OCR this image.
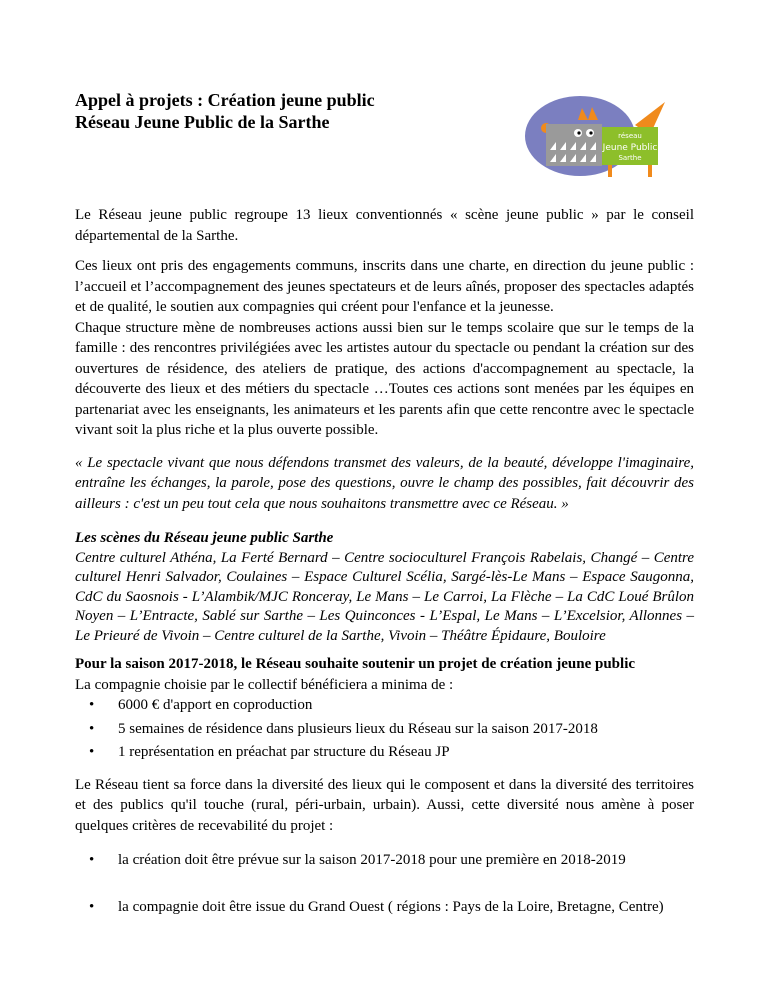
réseau
Jeune Public
Sarthe
Appel à projets : Création jeune public
Réseau Jeune Public de la Sarthe

Le Réseau jeune public regroupe 13 lieux conventionnés « scène jeune public » par le conseil départemental de la Sarthe.

Ces lieux ont pris des engagements communs, inscrits dans une charte, en direction du jeune public : l’accueil et l’accompagnement des jeunes spectateurs et de leurs aînés, proposer des spectacles adaptés et de qualité, le soutien aux compagnies qui créent pour l'enfance et la jeunesse.

Chaque structure mène de nombreuses actions aussi bien sur le temps scolaire que sur le temps de la famille : des rencontres privilégiées avec les artistes autour du spectacle ou pendant la création sur des ouvertures de résidence, des ateliers de pratique, des actions d'accompagnement au spectacle, la découverte des lieux et des métiers du spectacle …Toutes ces actions sont menées par les équipes en partenariat avec les enseignants, les animateurs et les parents afin que cette rencontre avec le spectacle vivant soit la plus riche et la plus ouverte possible.

« Le spectacle vivant que nous défendons transmet des valeurs, de la beauté, développe l'imaginaire, entraîne les échanges, la parole, pose des questions, ouvre le champ des possibles, fait découvrir des ailleurs : c'est un peu tout cela que nous souhaitons transmettre avec ce Réseau. »

Les scènes du Réseau jeune public Sarthe

Centre culturel Athéna, La Ferté Bernard – Centre socioculturel François Rabelais, Changé – Centre culturel Henri Salvador, Coulaines – Espace Culturel Scélia, Sargé-lès-Le Mans – Espace Saugonna, CdC du Saosnois - L’Alambik/MJC Ronceray, Le Mans – Le Carroi, La Flèche – La CdC Loué Brûlon Noyen – L’Entracte, Sablé sur Sarthe – Les Quinconces - L’Espal, Le Mans – L’Excelsior, Allonnes – Le Prieuré de Vivoin – Centre culturel de la Sarthe, Vivoin – Théâtre Épidaure, Bouloire

Pour la saison 2017-2018, le Réseau souhaite soutenir un projet de création jeune public

La compagnie choisie par le collectif bénéficiera a minima de :

• 6000 € d'apport en coproduction
• 5 semaines de résidence dans plusieurs lieux du Réseau sur la saison 2017-2018
• 1 représentation en préachat par structure du Réseau JP

Le Réseau tient sa force dans la diversité des lieux qui le composent et dans la diversité des territoires et des publics qu'il touche (rural, péri-urbain, urbain). Aussi, cette diversité nous amène à poser quelques critères de recevabilité du projet :

• la création doit être prévue sur la saison 2017-2018 pour une première en 2018-2019
• la compagnie doit être issue du Grand Ouest ( régions : Pays de la Loire, Bretagne, Centre)
